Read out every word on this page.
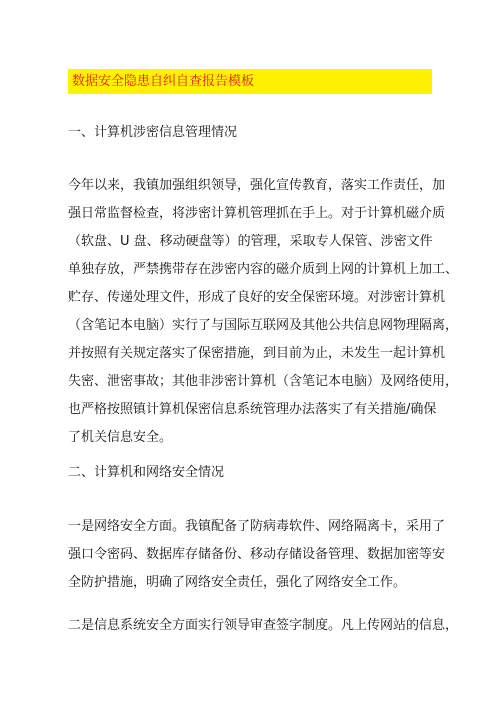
数据安全隐患自纠自查报告模板
一、计算机涉密信息管理情况
今年以来，我镇加强组织领导，强化宣传教育，落实工作责任，加
强日常监督检查，将涉密计算机管理抓在手上。对于计算机磁介质
（软盘、U 盘、移动硬盘等）的管理，采取专人保管、涉密文件
单独存放，严禁携带存在涉密内容的磁介质到上网的计算机上加工、
贮存、传递处理文件，形成了良好的安全保密环境。对涉密计算机
（含笔记本电脑）实行了与国际互联网及其他公共信息网物理隔离，
并按照有关规定落实了保密措施，到目前为止，未发生一起计算机
失密、泄密事故；其他非涉密计算机（含笔记本电脑）及网络使用，
也严格按照镇计算机保密信息系统管理办法落实了有关措施/确保
了机关信息安全。
二、计算机和网络安全情况
一是网络安全方面。我镇配备了防病毒软件、网络隔离卡，采用了
强口令密码、数据库存储备份、移动存储设备管理、数据加密等安
全防护措施，明确了网络安全责任，强化了网络安全工作。
二是信息系统安全方面实行领导审查签字制度。凡上传网站的信息，
